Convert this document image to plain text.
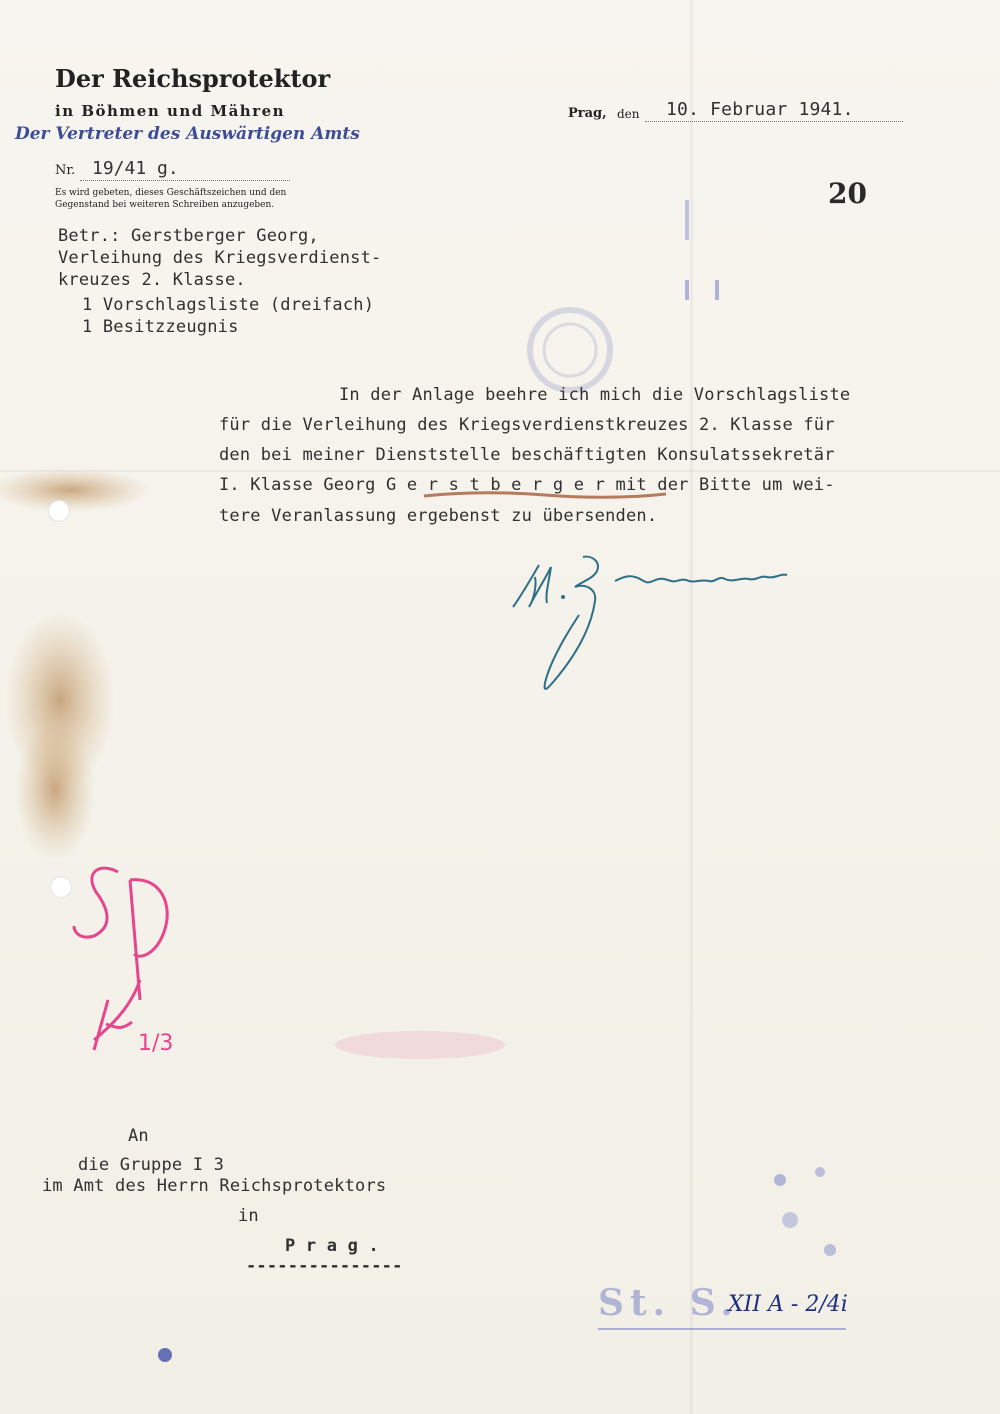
Der Reichsprotektor
in Böhmen und Mähren
Der Vertreter des Auswärtigen Amts
Nr. 19/41 g.
Es wird gebeten, dieses Geschäftszeichen und den
Gegenstand bei weiteren Schreiben anzugeben.
Prag, den 10. Februar 1941.
20
Betr.: Gerstberger Georg,
Verleihung des Kriegsverdienst-
kreuzes 2. Klasse.
1 Vorschlagsliste (dreifach)
1 Besitzzeugnis
In der Anlage beehre ich mich die Vorschlagsliste
für die Verleihung des Kriegsverdienstkreuzes 2. Klasse für
den bei meiner Dienststelle beschäftigten Konsulatssekretär
I. Klasse Georg G e r s t b e r g e r mit der Bitte um wei-
tere Veranlassung ergebenst zu übersenden.
1/3
SD
An
die Gruppe I 3
im Amt des Herrn Reichsprotektors
in
P r a g .
---------------
St. S.
XII A - 2/4i
